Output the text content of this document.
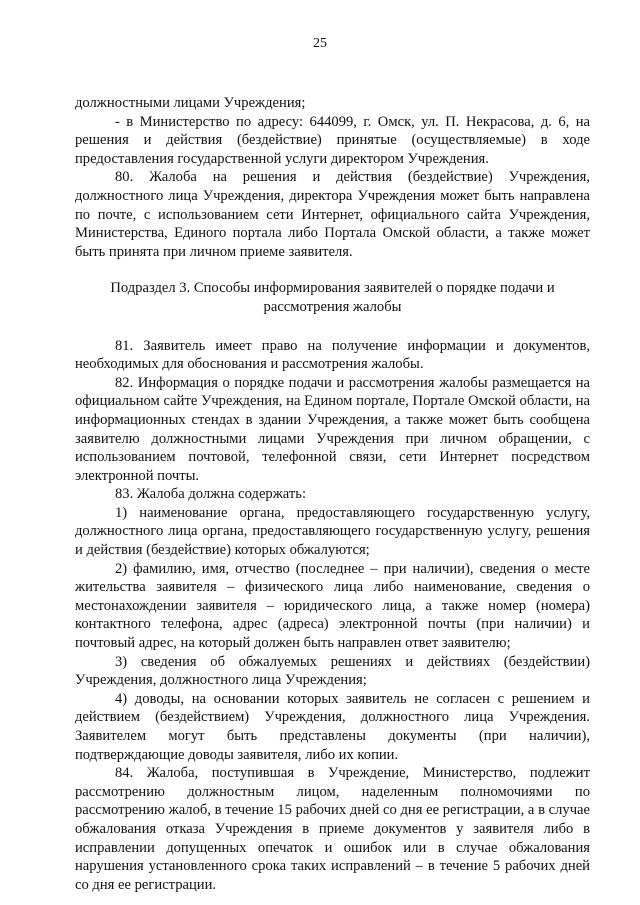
25

должностными лицами Учреждения;

- в Министерство по адресу: 644099, г. Омск, ул. П. Некрасова, д. 6, на решения и действия (бездействие) принятые (осуществляемые) в ходе предоставления государственной услуги директором Учреждения.

80. Жалоба на решения и действия (бездействие) Учреждения, должностного лица Учреждения, директора Учреждения может быть направлена по почте, с использованием сети Интернет, официального сайта Учреждения, Министерства, Единого портала либо Портала Омской области, а также может быть принята при личном приеме заявителя.

Подраздел 3. Способы информирования заявителей о порядке подачи и рассмотрения жалобы

81. Заявитель имеет право на получение информации и документов, необходимых для обоснования и рассмотрения жалобы.

82. Информация о порядке подачи и рассмотрения жалобы размещается на официальном сайте Учреждения, на Едином портале, Портале Омской области, на информационных стендах в здании Учреждения, а также может быть сообщена заявителю должностными лицами Учреждения при личном обращении, с использованием почтовой, телефонной связи, сети Интернет посредством электронной почты.

83. Жалоба должна содержать:

1) наименование органа, предоставляющего государственную услугу, должностного лица органа, предоставляющего государственную услугу, решения и действия (бездействие) которых обжалуются;

2) фамилию, имя, отчество (последнее – при наличии), сведения о месте жительства заявителя – физического лица либо наименование, сведения о местонахождении заявителя – юридического лица, а также номер (номера) контактного телефона, адрес (адреса) электронной почты (при наличии) и почтовый адрес, на который должен быть направлен ответ заявителю;

3) сведения об обжалуемых решениях и действиях (бездействии) Учреждения, должностного лица Учреждения;

4) доводы, на основании которых заявитель не согласен с решением и действием (бездействием) Учреждения, должностного лица Учреждения. Заявителем могут быть представлены документы (при наличии), подтверждающие доводы заявителя, либо их копии.

84. Жалоба, поступившая в Учреждение, Министерство, подлежит рассмотрению должностным лицом, наделенным полномочиями по рассмотрению жалоб, в течение 15 рабочих дней со дня ее регистрации, а в случае обжалования отказа Учреждения в приеме документов у заявителя либо в исправлении допущенных опечаток и ошибок или в случае обжалования нарушения установленного срока таких исправлений – в течение 5 рабочих дней со дня ее регистрации.
